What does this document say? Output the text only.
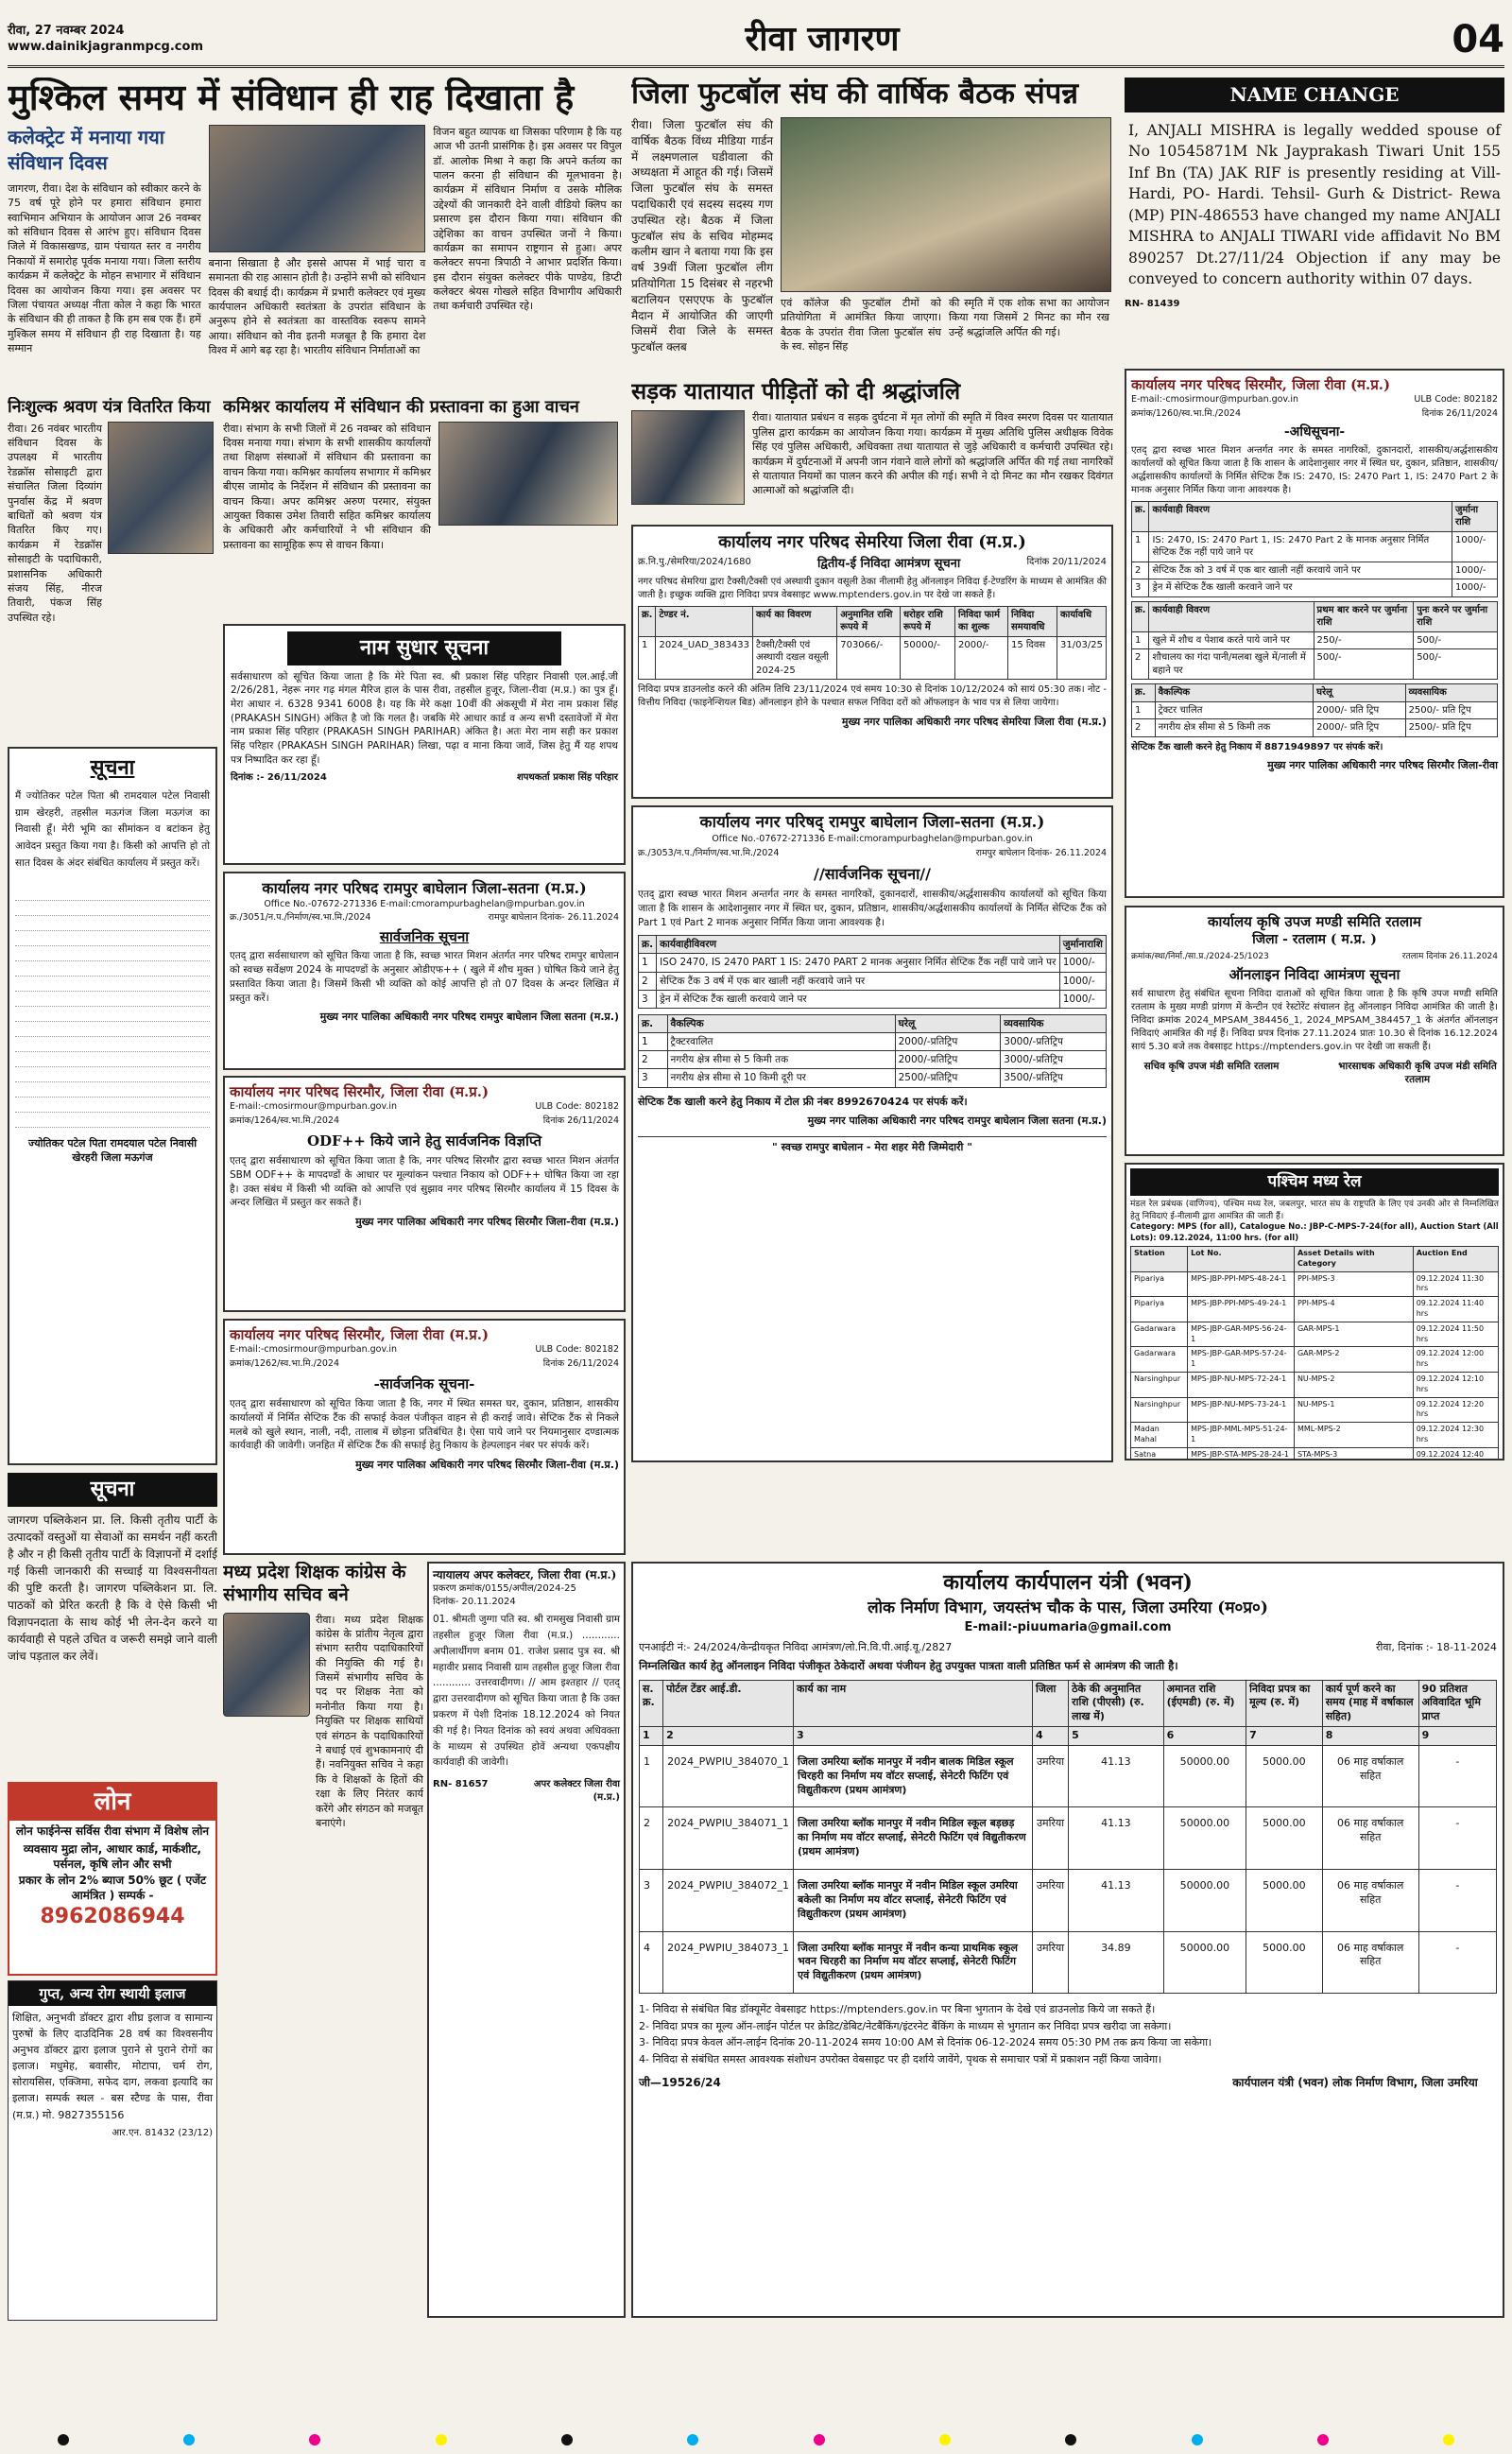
रीवा, 27 नवम्बर 2024
www.dainikjagranmpcg.com	रीवा जागरण	04
मुश्किल समय में संविधान ही राह दिखाता है
कलेक्ट्रेट में मनाया गया संविधान दिवस
जागरण, रीवा। देश के संविधान को स्वीकार करने के 75 वर्ष पूरे होने पर हमारा संविधान हमारा स्वाभिमान अभियान के आयोजन आज 26 नवम्बर को संविधान दिवस से आरंभ हुए। संविधान दिवस जिले में विकासखण्ड, ग्राम पंचायत स्तर व नगरीय निकायों में समारोह पूर्वक मनाया गया। जिला स्तरीय कार्यक्रम में कलेक्ट्रेट के मोहन सभागार में संविधान दिवस का आयोजन किया गया। इस अवसर पर जिला पंचायत अध्यक्ष नीता कोल ने कहा कि भारत के संविधान की ही ताकत है कि हम सब एक हैं। हमें मुश्किल समय में संविधान ही राह दिखाता है। यह सम्मान
बनाना सिखाता है और इससे आपस में भाई चारा व समानता की राह आसान होती है। उन्होंने सभी को संविधान दिवस की बधाई दी। कार्यक्रम में प्रभारी कलेक्टर एवं मुख्य कार्यपालन अधिकारी स्वतंत्रता के उपरांत संविधान के अनुरूप होने से स्वतंत्रता का वास्तविक स्वरूप सामने आया। संविधान को नीव इतनी मजबूत है कि हमारा देश विश्व में आगे बढ़ रहा है। भारतीय संविधान निर्माताओं का
विजन बहुत व्यापक था जिसका परिणाम है कि यह आज भी उतनी प्रासंगिक है। इस अवसर पर विपुल डॉ. आलोक मिश्रा ने कहा कि अपने कर्तव्य का पालन करना ही संविधान की मूलभावना है। कार्यक्रम में संविधान निर्माण व उसके मौलिक उद्देश्यों की जानकारी देने वाली वीडियो क्लिप का प्रसारण इस दौरान किया गया। संविधान की उद्देशिका का वाचन उपस्थित जनों ने किया। कार्यक्रम का समापन राष्ट्रगान से हुआ। अपर कलेक्टर सपना त्रिपाठी ने आभार प्रदर्शित किया। इस दौरान संयुक्त कलेक्टर पीके पाण्डेय, डिप्टी कलेक्टर श्रेयस गोखले सहित विभागीय अधिकारी तथा कर्मचारी उपस्थित रहे।
जिला फुटबॉल संघ की वार्षिक बैठक संपन्न
रीवा। जिला फुटबॉल संघ की वार्षिक बैठक विंध्य मीडिया गार्डन में लक्ष्मणलाल घडीवाला की अध्यक्षता में आहूत की गई। जिसमें जिला फुटबॉल संघ के समस्त पदाधिकारी एवं सदस्य सदस्य गण उपस्थित रहे। बैठक में जिला फुटबॉल संघ के सचिव मोहम्मद कलीम खान ने बताया गया कि इस वर्ष 39वीं जिला फुटबॉल लीग प्रतियोगिता 15 दिसंबर से नहरभी बटालियन एसएएफ के फुटबॉल मैदान में आयोजित की जाएगी जिसमें रीवा जिले के समस्त फुटबॉल क्लब
एवं कॉलेज की फुटबॉल टीमों को प्रतियोगिता में आमंत्रित किया जाएगा। बैठक के उपरांत रीवा जिला फुटबॉल संघ के स्व. सोहन सिंह
की स्मृति में एक शोक सभा का आयोजन किया गया जिसमें 2 मिनट का मौन रख उन्हें श्रद्धांजलि अर्पित की गई।
NAME CHANGE
I, ANJALI MISHRA is legally wedded spouse of No 10545871M Nk Jayprakash Tiwari Unit 155 Inf Bn (TA) JAK RIF is presently residing at Vill-Hardi, PO- Hardi. Tehsil- Gurh & District- Rewa (MP) PIN-486553 have changed my name ANJALI MISHRA to ANJALI TIWARI vide affidavit No BM 890257 Dt.27/11/24 Objection if any may be conveyed to concern authority within 07 days.
RN- 81439
सड़क यातायात पीड़ितों को दी श्रद्धांजलि
रीवा। यातायात प्रबंधन व सड़क दुर्घटना में मृत लोगों की स्मृति में विश्व स्मरण दिवस पर यातायात पुलिस द्वारा कार्यक्रम का आयोजन किया गया। कार्यक्रम में मुख्य अतिथि पुलिस अधीक्षक विवेक सिंह एवं पुलिस अधिकारी, अधिवक्ता तथा यातायात से जुड़े अधिकारी व कर्मचारी उपस्थित रहे। कार्यक्रम में दुर्घटनाओं में अपनी जान गंवाने वाले लोगों को श्रद्धांजलि अर्पित की गई तथा नागरिकों से यातायात नियमों का पालन करने की अपील की गई। सभी ने दो मिनट का मौन रखकर दिवंगत आत्माओं को श्रद्धांजलि दी।
निःशुल्क श्रवण यंत्र वितरित किया
रीवा। 26 नवंबर भारतीय संविधान दिवस के उपलक्ष्य में भारतीय रेडक्रॉस सोसाइटी द्वारा संचालित जिला दिव्यांग पुनर्वास केंद्र में श्रवण बाधितों को श्रवण यंत्र वितरित किए गए। कार्यक्रम में रेडक्रॉस सोसाइटी के पदाधिकारी, प्रशासनिक अधिकारी संजय सिंह, नीरज तिवारी, पंकज सिंह उपस्थित रहे।
कमिश्नर कार्यालय में संविधान की प्रस्तावना का हुआ वाचन
रीवा। संभाग के सभी जिलों में 26 नवम्बर को संविधान दिवस मनाया गया। संभाग के सभी शासकीय कार्यालयों तथा शिक्षण संस्थाओं में संविधान की प्रस्तावना का वाचन किया गया। कमिश्नर कार्यालय सभागार में कमिश्नर बीएस जामोद के निर्देशन में संविधान की प्रस्तावना का वाचन किया। अपर कमिश्नर अरुण परमार, संयुक्त आयुक्त विकास उमेश तिवारी सहित कमिश्नर कार्यालय के अधिकारी और कर्मचारियों ने भी संविधान की प्रस्तावना का सामूहिक रूप से वाचन किया।	कार्यालय नगर परिषद सेमरिया जिला रीवा (म.प्र.)
क्र.नि.पु./सेमरिया/2024/1680	द्वितीय-ई निविदा आमंत्रण सूचना	दिनांक 20/11/2024
नगर परिषद सेमरिया द्वारा टैक्सी/टैक्सी एवं अस्थायी दुकान वसूली ठेका नीलामी हेतु ऑनलाइन निविदा ई-टेण्डरिंग के माध्यम से आमंत्रित की जाती है। इच्छुक व्यक्ति द्वारा निविदा प्रपत्र वेबसाइट www.mptenders.gov.in पर देखे जा सकते हैं।
क्र.	टेण्डर नं.	कार्य का विवरण	अनुमानित राशि रूपये में	धरोहर राशि रूपये में	निविदा फार्म का शुल्क	निविदा समयावधि	कार्यावधि
1	2024_UAD_383433	टैक्सी/टैक्सी एवं अस्थायी दखल वसूली 2024-25	703066/-	50000/-	2000/-	15 दिवस	31/03/25
निविदा प्रपत्र डाउनलोड करने की अंतिम तिथि 23/11/2024 एवं समय 10:30 से दिनांक 10/12/2024 को सायं 05:30 तक। नोट - वित्तीय निविदा (फाइनेन्शियल बिड) ऑनलाइन होने के पश्चात सफल निविदा दरों को ऑफलाइन के भाव पत्र से लिया जायेगा।
मुख्य नगर पालिका अधिकारी नगर परिषद सेमरिया जिला रीवा (म.प्र.)
कार्यालय नगर परिषद सिरमौर, जिला रीवा (म.प्र.)
E-mail:-cmosirmour@mpurban.gov.in	ULB Code: 802182
क्रमांक/1260/स्व.भा.मि./2024	दिनांक 26/11/2024
-अधिसूचना-
एतद् द्वारा स्वच्छ भारत मिशन अन्तर्गत नगर के समस्त नागरिकों, दुकानदारों, शासकीय/अर्द्धशासकीय कार्यालयों को सूचित किया जाता है कि शासन के आदेशानुसार नगर में स्थित घर, दुकान, प्रतिष्ठान, शासकीय/अर्द्धशासकीय कार्यालयों के निर्मित सेप्टिक टैंक IS: 2470, IS: 2470 Part 1, IS: 2470 Part 2 के मानक अनुसार निर्मित किया जाना आवश्यक है।
क्र.	कार्यवाही विवरण	जुर्माना राशि
1	IS: 2470, IS: 2470 Part 1, IS: 2470 Part 2 के मानक अनुसार निर्मित सेप्टिक टैंक नहीं पाये जाने पर	1000/-
2	सेप्टिक टैंक को 3 वर्ष में एक बार खाली नहीं करवाये जाने पर	1000/-
3	ड्रेन में सेप्टिक टैंक खाली करवाने जाने पर	1000/-
क्र.	कार्यवाही विवरण	प्रथम बार करने पर जुर्माना राशि	पुनः करने पर जुर्माना राशि
1	खुले में शौच व पेशाब करते पाये जाने पर	250/-	500/-
2	शौचालय का गंदा पानी/मलबा खुले में/नाली में बहाने पर	500/-	500/-
क्र.	वैकल्पिक	घरेलू	व्यवसायिक
1	ट्रेक्टर चालित	2000/- प्रति ट्रिप	2500/- प्रति ट्रिप
2	नगरीय क्षेत्र सीमा से 5 किमी तक	2000/- प्रति ट्रिप	2500/- प्रति ट्रिप
सेप्टिक टैंक खाली करने हेतु निकाय में 8871949897 पर संपर्क करें।
मुख्य नगर पालिका अधिकारी नगर परिषद सिरमौर जिला-रीवा
नाम सुधार सूचना
सर्वसाधारण को सूचित किया जाता है कि मेरे पिता स्व. श्री प्रकाश सिंह परिहार निवासी एल.आई.जी 2/26/281, नेहरू नगर गढ़ मंगल मैरिज हाल के पास रीवा, तहसील हुजूर, जिला-रीवा (म.प्र.) का पुत्र हूँ। मेरा आधार नं. 6328 9341 6008 है। यह कि मेरे कक्षा 10वीं की अंकसूची में मेरा नाम प्रकाश सिंह (PRAKASH SINGH) अंकित है जो कि गलत है। जबकि मेरे आधार कार्ड व अन्य सभी दस्तावेजों में मेरा नाम प्रकाश सिंह परिहार (PRAKASH SINGH PARIHAR) अंकित है। अतः मेरा नाम सही कर प्रकाश सिंह परिहार (PRAKASH SINGH PARIHAR) लिखा, पढ़ा व माना किया जावें, जिस हेतु मैं यह शपथ पत्र निष्पादित कर रहा हूँ।
दिनांक :- 26/11/2024	शपथकर्ता प्रकाश सिंह परिहार
सूचना
मैं ज्योतिकर पटेल पिता श्री रामदयाल पटेल निवासी ग्राम खेरहरी, तहसील मऊगंज जिला मऊगंज का निवासी हूँ। मेरी भूमि का सीमांकन व बटांकन हेतु आवेदन प्रस्तुत किया गया है। किसी को आपत्ति हो तो सात दिवस के अंदर संबंधित कार्यालय में प्रस्तुत करें।
ज्योतिकर पटेल पिता रामदयाल पटेल निवासी खेरहरी जिला मऊगंज
कार्यालय नगर परिषद रामपुर बाघेलान जिला-सतना (म.प्र.)
Office No.-07672-271336 E-mail:cmorampurbaghelan@mpurban.gov.in
क्र./3051/न.प./निर्माण/स्व.भा.मि./2024	रामपुर बाघेलान दिनांक- 26.11.2024
सार्वजनिक सूचना
एतद् द्वारा सर्वसाधारण को सूचित किया जाता है कि, स्वच्छ भारत मिशन अंतर्गत नगर परिषद रामपुर बाघेलान को स्वच्छ सर्वेक्षण 2024 के मापदण्डों के अनुसार ओडीएफ++ ( खुले में शौच मुक्त ) घोषित किये जाने हेतु प्रस्तावित किया जाता है। जिसमें किसी भी व्यक्ति को कोई आपत्ति हो तो 07 दिवस के अन्दर लिखित में प्रस्तुत करें।
मुख्य नगर पालिका अधिकारी नगर परिषद रामपुर बाघेलान जिला सतना (म.प्र.)
कार्यालय नगर परिषद् रामपुर बाघेलान जिला-सतना (म.प्र.)
Office No.-07672-271336 E-mail:cmorampurbaghelan@mpurban.gov.in
क्र./3053/न.प./निर्माण/स्व.भा.मि./2024	रामपुर बाघेलान दिनांक- 26.11.2024
//सार्वजनिक सूचना//
एतद् द्वारा स्वच्छ भारत मिशन अन्तर्गत नगर के समस्त नागरिकों, दुकानदारों, शासकीय/अर्द्धशासकीय कार्यालयों को सूचित किया जाता है कि शासन के आदेशानुसार नगर में स्थित घर, दुकान, प्रतिष्ठान, शासकीय/अर्द्धशासकीय कार्यालयों के निर्मित सेप्टिक टैंक को Part 1 एवं Part 2 मानक अनुसार निर्मित किया जाना आवश्यक है।
क्र.	कार्यवाहीविवरण	जुर्मानाराशि
1	ISO 2470, IS 2470 PART 1 IS: 2470 PART 2 मानक अनुसार निर्मित सेप्टिक टैंक नहीं पाये जाने पर	1000/-
2	सेप्टिक टैंक 3 वर्ष में एक बार खाली नहीं करवाये जाने पर	1000/-
3	ड्रेन में सेप्टिक टैंक खाली करवाये जाने पर	1000/-
क्र.	वैकल्पिक	घरेलू	व्यवसायिक
1	ट्रैक्टरवालित	2000/-प्रतिट्रिप	3000/-प्रतिट्रिप
2	नगरीय क्षेत्र सीमा से 5 किमी तक	2000/-प्रतिट्रिप	3000/-प्रतिट्रिप
3	नगरीय क्षेत्र सीमा से 10 किमी दूरी पर	2500/-प्रतिट्रिप	3500/-प्रतिट्रिप
सेप्टिक टैंक खाली करने हेतु निकाय में टोल फ्री नंबर 8992670424 पर संपर्क करें।
मुख्य नगर पालिका अधिकारी नगर परिषद रामपुर बाघेलान जिला सतना (म.प्र.)
" स्वच्छ रामपुर बाघेलान - मेरा शहर मेरी जिम्मेदारी "
कार्यालय नगर परिषद सिरमौर, जिला रीवा (म.प्र.)
E-mail:-cmosirmour@mpurban.gov.in	ULB Code: 802182
क्रमांक/1264/स्व.भा.मि./2024	दिनांक 26/11/2024
ODF++ किये जाने हेतु सार्वजनिक विज्ञप्ति
एतद् द्वारा सर्वसाधारण को सूचित किया जाता है कि, नगर परिषद सिरमौर द्वारा स्वच्छ भारत मिशन अंतर्गत SBM ODF++ के मापदण्डों के आधार पर मूल्यांकन पश्चात निकाय को ODF++ घोषित किया जा रहा है। उक्त संबंध में किसी भी व्यक्ति को आपत्ति एवं सुझाव नगर परिषद सिरमौर कार्यालय में 15 दिवस के अन्दर लिखित में प्रस्तुत कर सकते हैं।
मुख्य नगर पालिका अधिकारी नगर परिषद सिरमौर जिला-रीवा (म.प्र.)
कार्यालय कृषि उपज मण्डी समिति रतलाम
जिला - रतलाम ( म.प्र. )
क्रमांक/स्था/निर्मा./सा.प्र./2024-25/1023	रतलाम दिनांक 26.11.2024
ऑनलाइन निविदा आमंत्रण सूचना
सर्व साधारण हेतु संबंधित सूचना निविदा दाताओं को सूचित किया जाता है कि कृषि उपज मण्डी समिति रतलाम के मुख्य मण्डी प्रांगण में केन्टीन एवं रेस्टोरेंट संचालन हेतु ऑनलाइन निविदा आमंत्रित की जाती है। निविदा क्रमांक 2024_MPSAM_384456_1, 2024_MPSAM_384457_1 के अंतर्गत ऑनलाइन निविदाएं आमंत्रित की गई हैं। निविदा प्रपत्र दिनांक 27.11.2024 प्रातः 10.30 से दिनांक 16.12.2024 सायं 5.30 बजे तक वेबसाइट https://mptenders.gov.in पर देखी जा सकती हैं।
सचिव कृषि उपज मंडी समिति रतलाम	भारसाधक अधिकारी कृषि उपज मंडी समिति रतलाम
पश्चिम मध्य रेल
मंडल रेल प्रबंधक (वाणिज्य), पश्चिम मध्य रेल, जबलपुर, भारत संघ के राष्ट्रपति के लिए एवं उनकी ओर से निम्नलिखित हेतु निविदाएं ई-नीलामी द्वारा आमंत्रित की जाती हैं।
Category: MPS (for all), Catalogue No.: JBP-C-MPS-7-24(for all), Auction Start (All Lots): 09.12.2024, 11:00 hrs. (for all)
Station	Lot No.	Asset Details with Category	Auction End
Pipariya	MPS-JBP-PPI-MPS-48-24-1	PPI-MPS-3	09.12.2024 11:30 hrs
Pipariya	MPS-JBP-PPI-MPS-49-24-1	PPI-MPS-4	09.12.2024 11:40 hrs
Gadarwara	MPS-JBP-GAR-MPS-56-24-1	GAR-MPS-1	09.12.2024 11:50 hrs
Gadarwara	MPS-JBP-GAR-MPS-57-24-1	GAR-MPS-2	09.12.2024 12:00 hrs
Narsinghpur	MPS-JBP-NU-MPS-72-24-1	NU-MPS-2	09.12.2024 12:10 hrs
Narsinghpur	MPS-JBP-NU-MPS-73-24-1	NU-MPS-1	09.12.2024 12:20 hrs
Madan Mahal	MPS-JBP-MML-MPS-51-24-1	MML-MPS-2	09.12.2024 12:30 hrs
Satna	MPS-JBP-STA-MPS-28-24-1	STA-MPS-3	09.12.2024 12:40

कार्यालय नगर परिषद सिरमौर, जिला रीवा (म.प्र.)
E-mail:-cmosirmour@mpurban.gov.in	ULB Code: 802182
क्रमांक/1262/स्व.भा.मि./2024	दिनांक 26/11/2024
-सार्वजनिक सूचना-
एतद् द्वारा सर्वसाधारण को सूचित किया जाता है कि, नगर में स्थित समस्त घर, दुकान, प्रतिष्ठान, शासकीय कार्यालयों में निर्मित सेप्टिक टैंक की सफाई केवल पंजीकृत वाहन से ही कराई जावे। सेप्टिक टैंक से निकले मलबे को खुले स्थान, नाली, नदी, तालाब में छोड़ना प्रतिबंधित है। ऐसा पाये जाने पर नियमानुसार दण्डात्मक कार्यवाही की जावेगी। जनहित में सेप्टिक टैंक की सफाई हेतु निकाय के हेल्पलाइन नंबर पर संपर्क करें।
मुख्य नगर पालिका अधिकारी नगर परिषद सिरमौर जिला-रीवा (म.प्र.)
सूचना
जागरण पब्लिकेशन प्रा. लि. किसी तृतीय पार्टी के उत्पादकों वस्तुओं या सेवाओं का समर्थन नहीं करती है और न ही किसी तृतीय पार्टी के विज्ञापनों में दर्शाई गई किसी जानकारी की सच्चाई या विश्वसनीयता की पुष्टि करती है। जागरण पब्लिकेशन प्रा. लि. पाठकों को प्रेरित करती है कि वे ऐसे किसी भी विज्ञापनदाता के साथ कोई भी लेन-देन करने या कार्यवाही से पहले उचित व जरूरी समझे जाने वाली जांच पड़ताल कर लेवें।
लोन
लोन फाईनेन्स सर्विस रीवा संभाग में विशेष लोन
व्यवसाय मुद्रा लोन, आधार कार्ड, मार्कशीट, पर्सनल, कृषि लोन और सभी
प्रकार के लोन 2% ब्याज 50% छूट ( एजेंट आमंत्रित ) सम्पर्क -
8962086944
गुप्त, अन्य रोग स्थायी इलाज
शिक्षित, अनुभवी डॉक्टर द्वारा शीघ्र इलाज व सामान्य पुरुषों के लिए दाउदिनिक 28 वर्ष का विश्वसनीय अनुभव डॉक्टर द्वारा इलाज पुराने से पुराने रोगों का इलाज। मधुमेह, बवासीर, मोटापा, चर्म रोग, सोरायसिस, एक्जिमा, सफेद दाग, लकवा इत्यादि का इलाज। सम्पर्क स्थल - बस स्टैण्ड के पास, रीवा (म.प्र.) मो. 9827355156
आर.एन. 81432 (23/12)
मध्य प्रदेश शिक्षक कांग्रेस के संभागीय सचिव बने
रीवा। मध्य प्रदेश शिक्षक कांग्रेस के प्रांतीय नेतृत्व द्वारा संभाग स्तरीय पदाधिकारियों की नियुक्ति की गई है। जिसमें संभागीय सचिव के पद पर शिक्षक नेता को मनोनीत किया गया है। नियुक्ति पर शिक्षक साथियों एवं संगठन के पदाधिकारियों ने बधाई एवं शुभकामनाएं दी हैं। नवनियुक्त सचिव ने कहा कि वे शिक्षकों के हितों की रक्षा के लिए निरंतर कार्य करेंगे और संगठन को मजबूत बनाएंगे।
न्यायालय अपर कलेक्टर, जिला रीवा (म.प्र.)
प्रकरण क्रमांक/0155/अपील/2024-25
दिनांक- 20.11.2024
01. श्रीमती जुग्गा पति स्व. श्री रामसुख निवासी ग्राम तहसील हुजूर जिला रीवा (म.प्र.) ............ अपीलार्थीगण बनाम 01. राजेश प्रसाद पुत्र स्व. श्री महावीर प्रसाद निवासी ग्राम तहसील हुजूर जिला रीवा ............ उत्तरवादीगण। // आम इश्तहार // एतद् द्वारा उत्तरवादीगण को सूचित किया जाता है कि उक्त प्रकरण में पेशी दिनांक 18.12.2024 को नियत की गई है। नियत दिनांक को स्वयं अथवा अधिवक्ता के माध्यम से उपस्थित होवें अन्यथा एकपक्षीय कार्यवाही की जावेगी।
RN- 81657	अपर कलेक्टर जिला रीवा (म.प्र.)
कार्यालय कार्यपालन यंत्री (भवन)
लोक निर्माण विभाग, जयस्तंभ चौक के पास, जिला उमरिया (म०प्र०)
E-mail:-piuumaria@gmail.com
एनआईटी नं:- 24/2024/केन्द्रीयकृत निविदा आमंत्रण/लो.नि.वि.पी.आई.यू./2827	रीवा, दिनांक :- 18-11-2024
निम्नलिखित कार्य हेतु ऑनलाइन निविदा पंजीकृत ठेकेदारों अथवा पंजीयन हेतु उपयुक्त पात्रता वाली प्रतिष्ठित फर्म से आमंत्रण की जाती है।
स. क्र.	पोर्टल टेंडर आई.डी.	कार्य का नाम	जिला	ठेके की अनुमानित राशि (पीएसी) (रु. लाख में)	अमानत राशि (ईएमडी) (रु. में)	निविदा प्रपत्र का मूल्य (रु. में)	कार्य पूर्ण करने का समय (माह में वर्षाकाल सहित)	90 प्रतिशत अविवादित भूमि प्राप्त
1	2	3	4	5	6	7	8	9
1	2024_PWPIU_384070_1	जिला उमरिया ब्लॉक मानपुर में नवीन बालक मिडिल स्कूल चिरहरी का निर्माण मय वॉटर सप्लाई, सेनेटरी फिटिंग एवं विद्युतीकरण (प्रथम आमंत्रण)	उमरिया	41.13	50000.00	5000.00	06 माह वर्षाकाल सहित	-
2	2024_PWPIU_384071_1	जिला उमरिया ब्लॉक मानपुर में नवीन मिडिल स्कूल बड़छड़ का निर्माण मय वॉटर सप्लाई, सेनेटरी फिटिंग एवं विद्युतीकरण (प्रथम आमंत्रण)	उमरिया	41.13	50000.00	5000.00	06 माह वर्षाकाल सहित	-
3	2024_PWPIU_384072_1	जिला उमरिया ब्लॉक मानपुर में नवीन मिडिल स्कूल उमरिया बकेली का निर्माण मय वॉटर सप्लाई, सेनेटरी फिटिंग एवं विद्युतीकरण (प्रथम आमंत्रण)	उमरिया	41.13	50000.00	5000.00	06 माह वर्षाकाल सहित	-
4	2024_PWPIU_384073_1	जिला उमरिया ब्लॉक मानपुर में नवीन कन्या प्राथमिक स्कूल भवन चिरहरी का निर्माण मय वॉटर सप्लाई, सेनेटरी फिटिंग एवं विद्युतीकरण (प्रथम आमंत्रण)	उमरिया	34.89	50000.00	5000.00	06 माह वर्षाकाल सहित	-
1- निविदा से संबंधित बिड डॉक्यूमेंट वेबसाइट https://mptenders.gov.in पर बिना भुगतान के देखे एवं डाउनलोड किये जा सकते हैं।
2- निविदा प्रपत्र का मूल्य ऑन-लाईन पोर्टल पर क्रेडिट/डेबिट/नेटबैंकिंग/इंटरनेट बैंकिंग के माध्यम से भुगतान कर निविदा प्रपत्र खरीदा जा सकेगा।
3- निविदा प्रपत्र केवल ऑन-लाईन दिनांक 20-11-2024 समय 10:00 AM से दिनांक 06-12-2024 समय 05:30 PM तक क्रय किया जा सकेगा।
4- निविदा से संबंधित समस्त आवश्यक संशोधन उपरोक्त वेबसाइट पर ही दर्शाये जावेंगे, पृथक से समाचार पत्रों में प्रकाशन नहीं किया जावेगा।
जी—19526/24	कार्यपालन यंत्री (भवन) लोक निर्माण विभाग, जिला उमरिया
